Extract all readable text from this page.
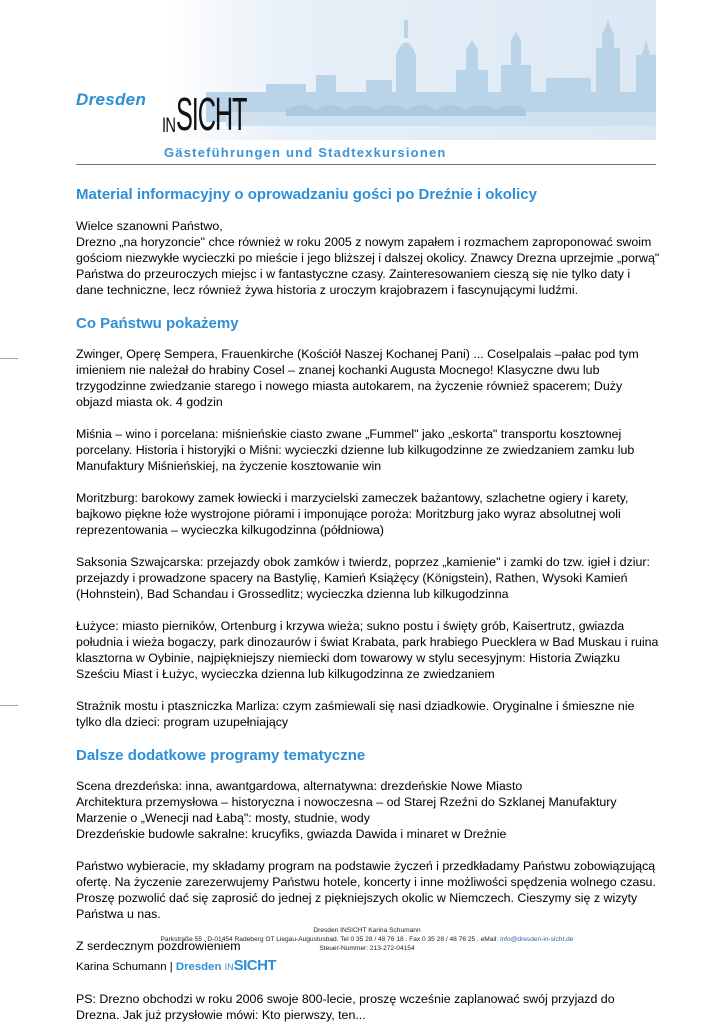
Dresden
IN SICHT
Gästeführungen und Stadtexkursionen
Material informacyjny o oprowadzaniu gości po Dreźnie i okolicy

Wielce szanowni Państwo,

Drezno „na horyzoncie" chce również w roku 2005 z nowym zapałem i rozmachem zaproponować swoim gościom niezwykłe wycieczki po mieście i jego bliższej i dalszej okolicy. Znawcy Drezna uprzejmie „porwą" Państwa do przeuroczych miejsc i w fantastyczne czasy. Zainteresowaniem cieszą się nie tylko daty i dane techniczne, lecz również żywa historia z uroczym krajobrazem i fascynującymi ludźmi.

Co Państwu pokażemy

Zwinger, Operę Sempera, Frauenkirche (Kościół Naszej Kochanej Pani) ... Coselpalais –pałac pod tym imieniem nie należał do hrabiny Cosel – znanej kochanki Augusta Mocnego! Klasyczne dwu lub trzygodzinne zwiedzanie starego i nowego miasta autokarem, na życzenie również spacerem; Duży objazd miasta ok. 4 godzin

Miśnia – wino i porcelana: miśnieńskie ciasto zwane „Fummel" jako „eskorta" transportu kosztownej porcelany. Historia i historyjki o Miśni: wycieczki dzienne lub kilkugodzinne ze zwiedzaniem zamku lub Manufaktury Miśnieńskiej, na życzenie kosztowanie win

Moritzburg: barokowy zamek łowiecki i marzycielski zameczek bażantowy, szlachetne ogiery i karety, bajkowo piękne łoże wystrojone piórami i imponujące poroża: Moritzburg jako wyraz absolutnej woli reprezentowania – wycieczka kilkugodzinna (półdniowa)

Saksonia Szwajcarska: przejazdy obok zamków i twierdz, poprzez „kamienie" i zamki do tzw. igieł i dziur: przejazdy i prowadzone spacery na Bastylię, Kamień Książęcy (Königstein), Rathen, Wysoki Kamień (Hohnstein), Bad Schandau i Grossedlitz; wycieczka dzienna lub kilkugodzinna

Łużyce: miasto pierników, Ortenburg i krzywa wieża; sukno postu i święty grób, Kaisertrutz, gwiazda południa i wieża bogaczy, park dinozaurów i świat Krabata, park hrabiego Puecklera w Bad Muskau i ruina klasztorna w Oybinie, najpiękniejszy niemiecki dom towarowy w stylu secesyjnym: Historia Związku Sześciu Miast i Łużyc, wycieczka dzienna lub kilkugodzinna ze zwiedzaniem

Strażnik mostu i ptaszniczka Marliza: czym zaśmiewali się nasi dziadkowie. Oryginalne i śmieszne nie tylko dla dzieci: program uzupełniający

Dalsze dodatkowe programy tematyczne

Scena drezdeńska: inna, awantgardowa, alternatywna: drezdeńskie Nowe Miasto

Architektura przemysłowa – historyczna i nowoczesna – od Starej Rzeźni do Szklanej Manufaktury

Marzenie o „Wenecji nad Łabą": mosty, studnie, wody

Drezdeńskie budowle sakralne: krucyfiks, gwiazda Dawida i minaret w Dreźnie

Państwo wybieracie, my składamy program na podstawie życzeń i przedkładamy Państwu zobowiązującą ofertę. Na życzenie zarezerwujemy Państwu hotele, koncerty i inne możliwości spędzenia wolnego czasu. Proszę pozwolić dać się zaprosić do jednej z piękniejszych okolic w Niemczech. Cieszymy się z wizyty Państwa u nas.

Z serdecznym pozdrowieniem

Karina Schumann | Dresden INSICHT

PS: Drezno obchodzi w roku 2006 swoje 800-lecie, proszę wcześnie zaplanować swój przyjazd do Drezna. Jak już przysłowie mówi: Kto pierwszy, ten...

Dresden INSICHT Karina Schumann
Parkstraße 55 . D-01454 Radeberg OT Liegau-Augustusbad. Tel 0 35 28 / 48 76 18 . Fax 0 35 28 / 48 76 25 . eMail: info@dresden-in-sicht.de
Steuer-Nummer: 213-272-04154
